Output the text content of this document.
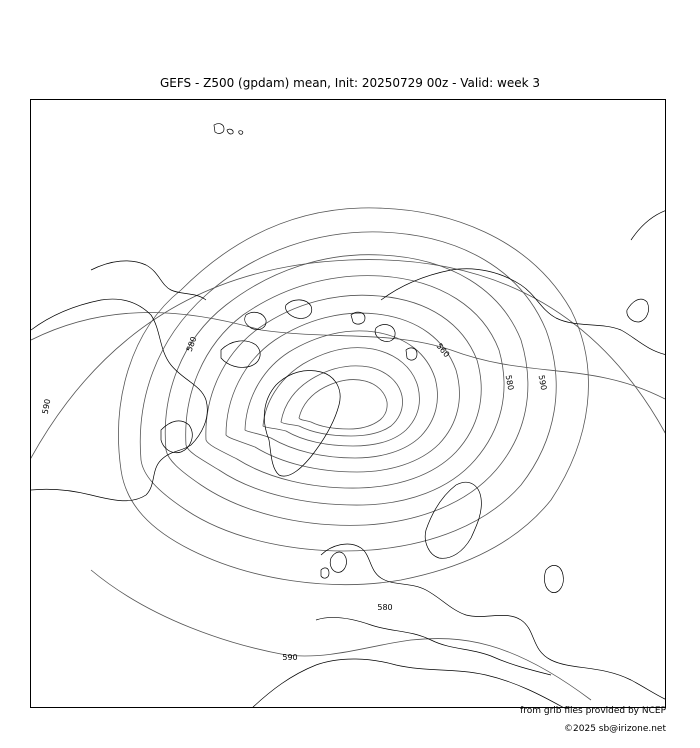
GEFS - Z500 (gpdam) mean, Init: 20250729 00z - Valid: week 3
580	560
580	590
590
580
590
from grib files provided by NCEP
©2025 sb@irizone.net
